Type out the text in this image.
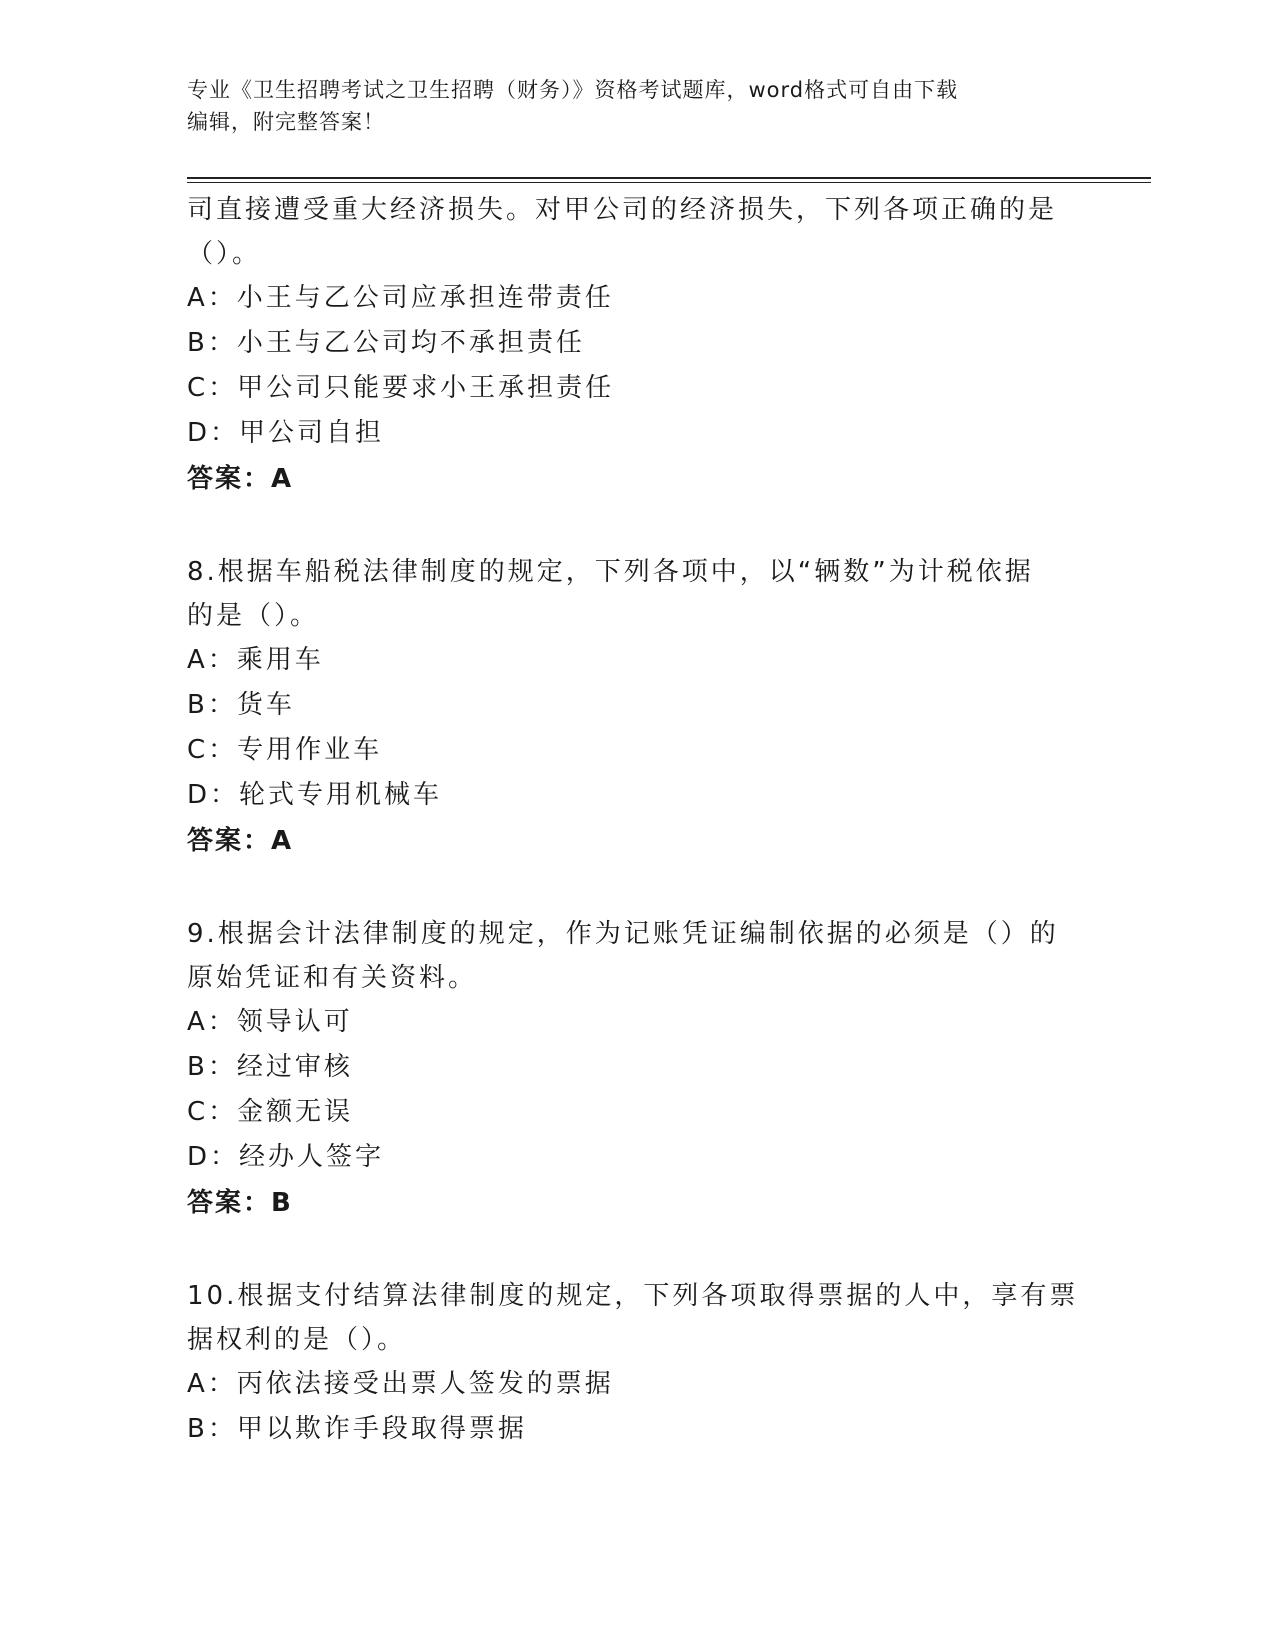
专业《卫生招聘考试之卫生招聘（财务）》资格考试题库，word格式可自由下载
编辑，附完整答案！
司直接遭受重大经济损失。对甲公司的经济损失，下列各项正确的是
（）。
A：小王与乙公司应承担连带责任
B：小王与乙公司均不承担责任
C：甲公司只能要求小王承担责任
D：甲公司自担
答案：A
8.根据车船税法律制度的规定，下列各项中，以“辆数”为计税依据
的是（）。
A：乘用车
B：货车
C：专用作业车
D：轮式专用机械车
答案：A
9.根据会计法律制度的规定，作为记账凭证编制依据的必须是（）的
原始凭证和有关资料。
A：领导认可
B：经过审核
C：金额无误
D：经办人签字
答案：B
10.根据支付结算法律制度的规定，下列各项取得票据的人中，享有票
据权利的是（）。
A：丙依法接受出票人签发的票据
B：甲以欺诈手段取得票据
